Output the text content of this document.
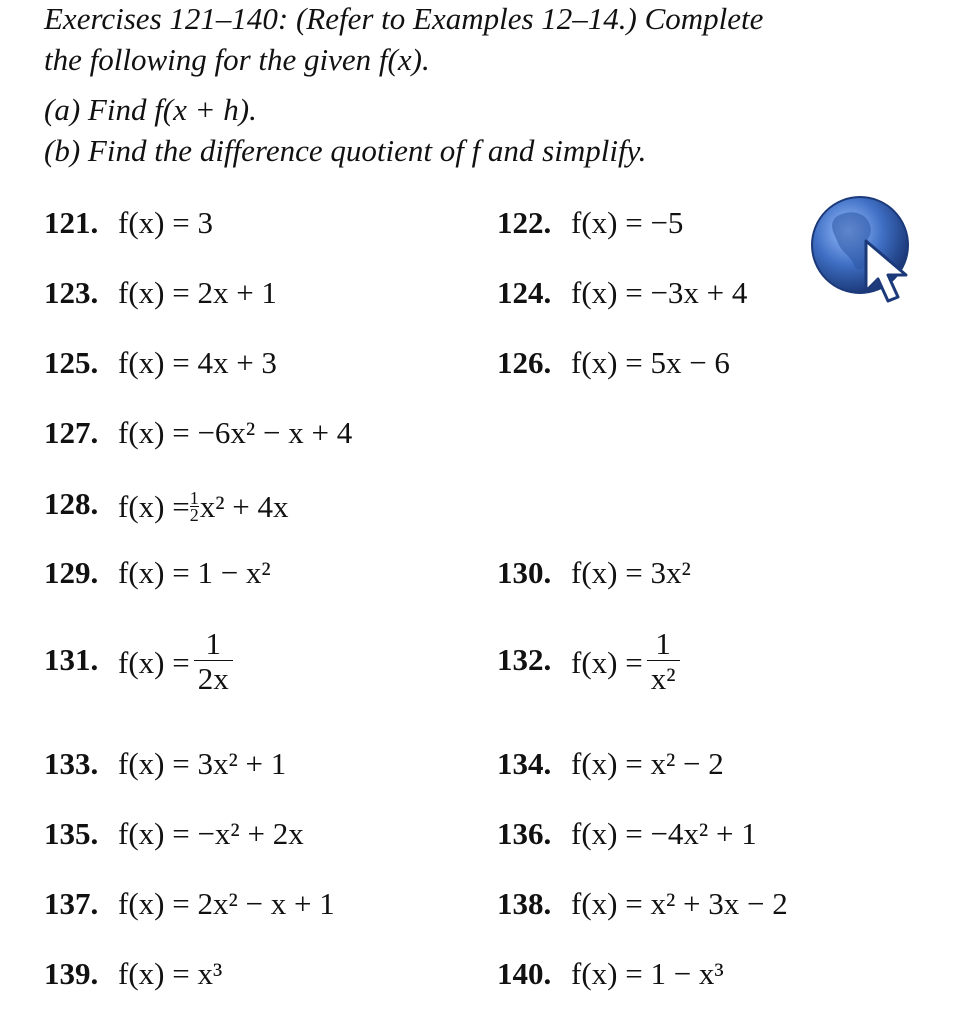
Exercises 121–140: (Refer to Examples 12–14.) Complete
the following for the given f(x).
(a) Find f(x + h).
(b) Find the difference quotient of f and simplify.
121. f(x) = 3	122. f(x) = −5
123. f(x) = 2x + 1	124. f(x) = −3x + 4
125. f(x) = 4x + 3	126. f(x) = 5x − 6
127. f(x) = −6x² − x + 4
128. $f(x) = \frac{1}{2} x^2 + 4x$
129. f(x) = 1 − x²	130. f(x) = 3x²
131. $f(x) = \frac{1}{2x}$	132. $f(x) = \frac{1}{\text{x²}}$
133. f(x) = 3x² + 1	134. f(x) = x² − 2
135. f(x) = −x² + 2x	136. f(x) = −4x² + 1
137. f(x) = 2x² − x + 1	138. f(x) = x² + 3x − 2
139. f(x) = x³	140. f(x) = 1 − x³
